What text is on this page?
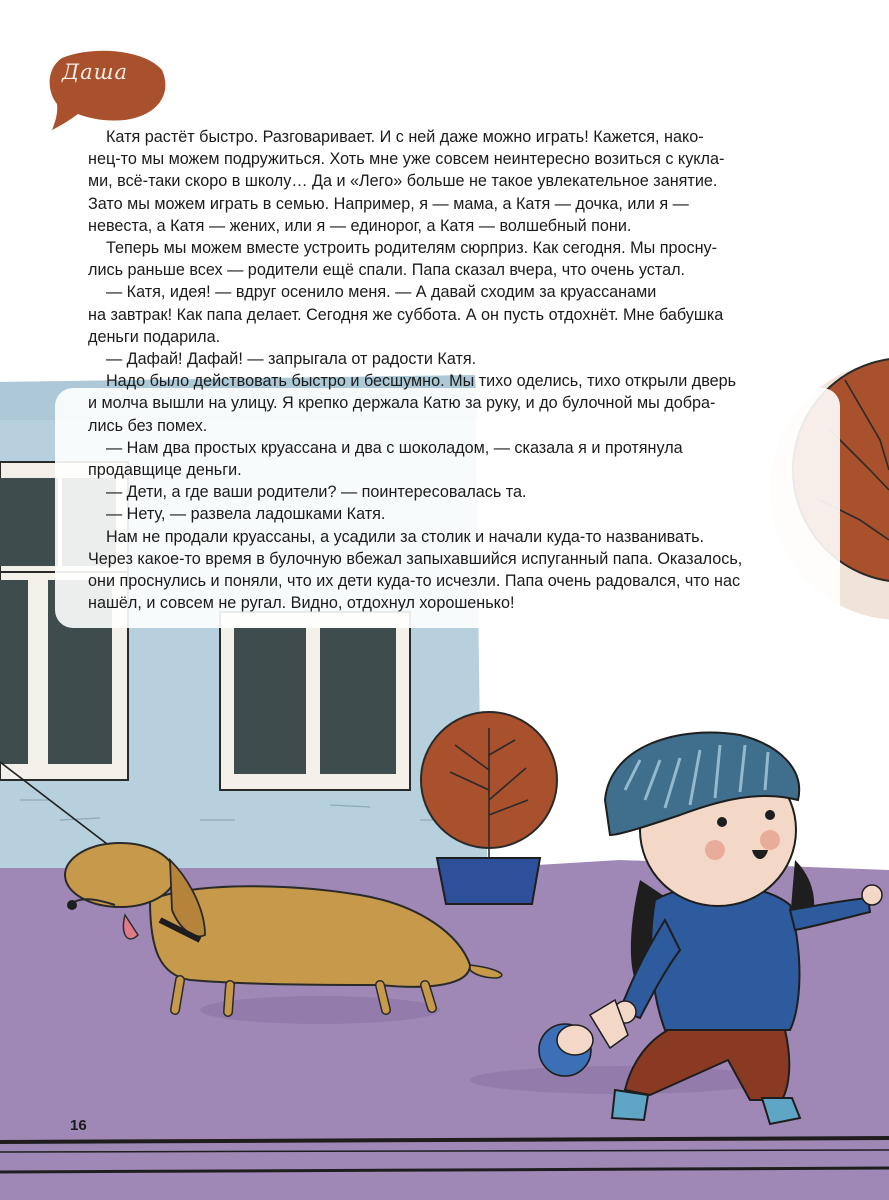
Даша

Катя растёт быстро. Разговаривает. И с ней даже можно играть! Кажется, нако-

нец-то мы можем подружиться. Хоть мне уже совсем неинтересно возиться с кукла-

ми, всё-таки скоро в школу… Да и «Лего» больше не такое увлекательное занятие.

Зато мы можем играть в семью. Например, я — мама, а Катя — дочка, или я —

невеста, а Катя — жених, или я — единорог, а Катя — волшебный пони.

Теперь мы можем вместе устроить родителям сюрприз. Как сегодня. Мы просну-

лись раньше всех — родители ещё спали. Папа сказал вчера, что очень устал.

— Катя, идея! — вдруг осенило меня. — А давай сходим за круассанами

на завтрак! Как папа делает. Сегодня же суббота. А он пусть отдохнёт. Мне бабушка

деньги подарила.

— Дафай! Дафай! — запрыгала от радости Катя.

Надо было действовать быстро и бесшумно. Мы тихо оделись, тихо открыли дверь

и молча вышли на улицу. Я крепко держала Катю за руку, и до булочной мы добра-

лись без помех.

— Нам два простых круассана и два с шоколадом, — сказала я и протянула

продавщице деньги.

— Дети, а где ваши родители? — поинтересовалась та.

— Нету, — развела ладошками Катя.

Нам не продали круассаны, а усадили за столик и начали куда-то названивать.

Через какое-то время в булочную вбежал запыхавшийся испуганный папа. Оказалось,

они проснулись и поняли, что их дети куда-то исчезли. Папа очень радовался, что нас

нашёл, и совсем не ругал. Видно, отдохнул хорошенько!

16
